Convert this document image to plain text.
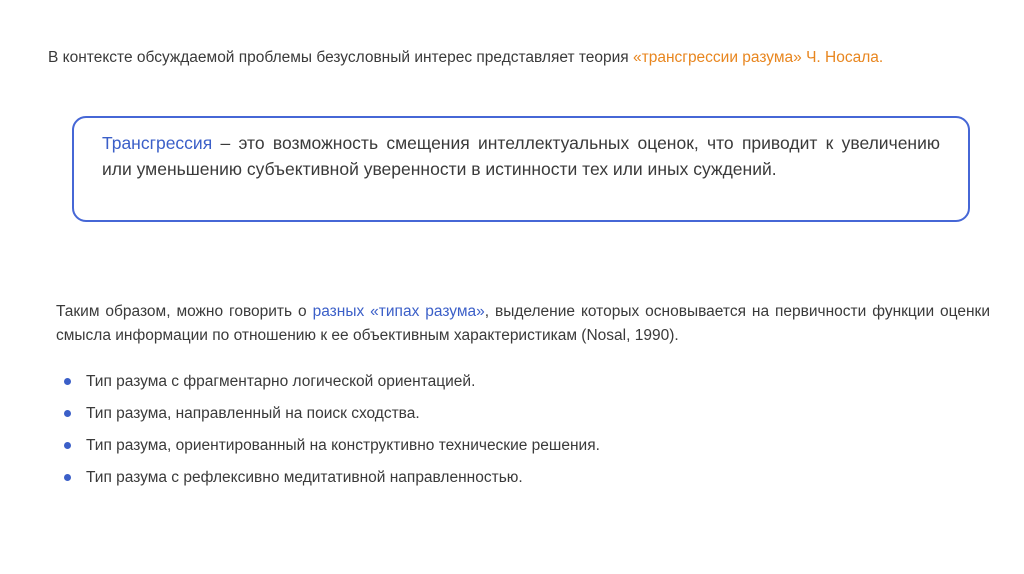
В контексте обсуждаемой проблемы безусловный интерес представляет теория «трансгрессии разума» Ч. Носала.

Трансгрессия – это возможность смещения интеллектуальных оценок, что приводит к увеличению или уменьшению субъективной уверенности в истинности тех или иных суждений.

Таким образом, можно говорить о разных «типах разума», выделение которых основывается на первичности функции оценки смысла информации по отношению к ее объективным характеристикам (Nosal, 1990).

Тип разума с фрагментарно логической ориентацией.
Тип разума, направленный на поиск сходства.
Тип разума, ориентированный на конструктивно технические решения.
Тип разума с рефлексивно медитативной направленностью.
